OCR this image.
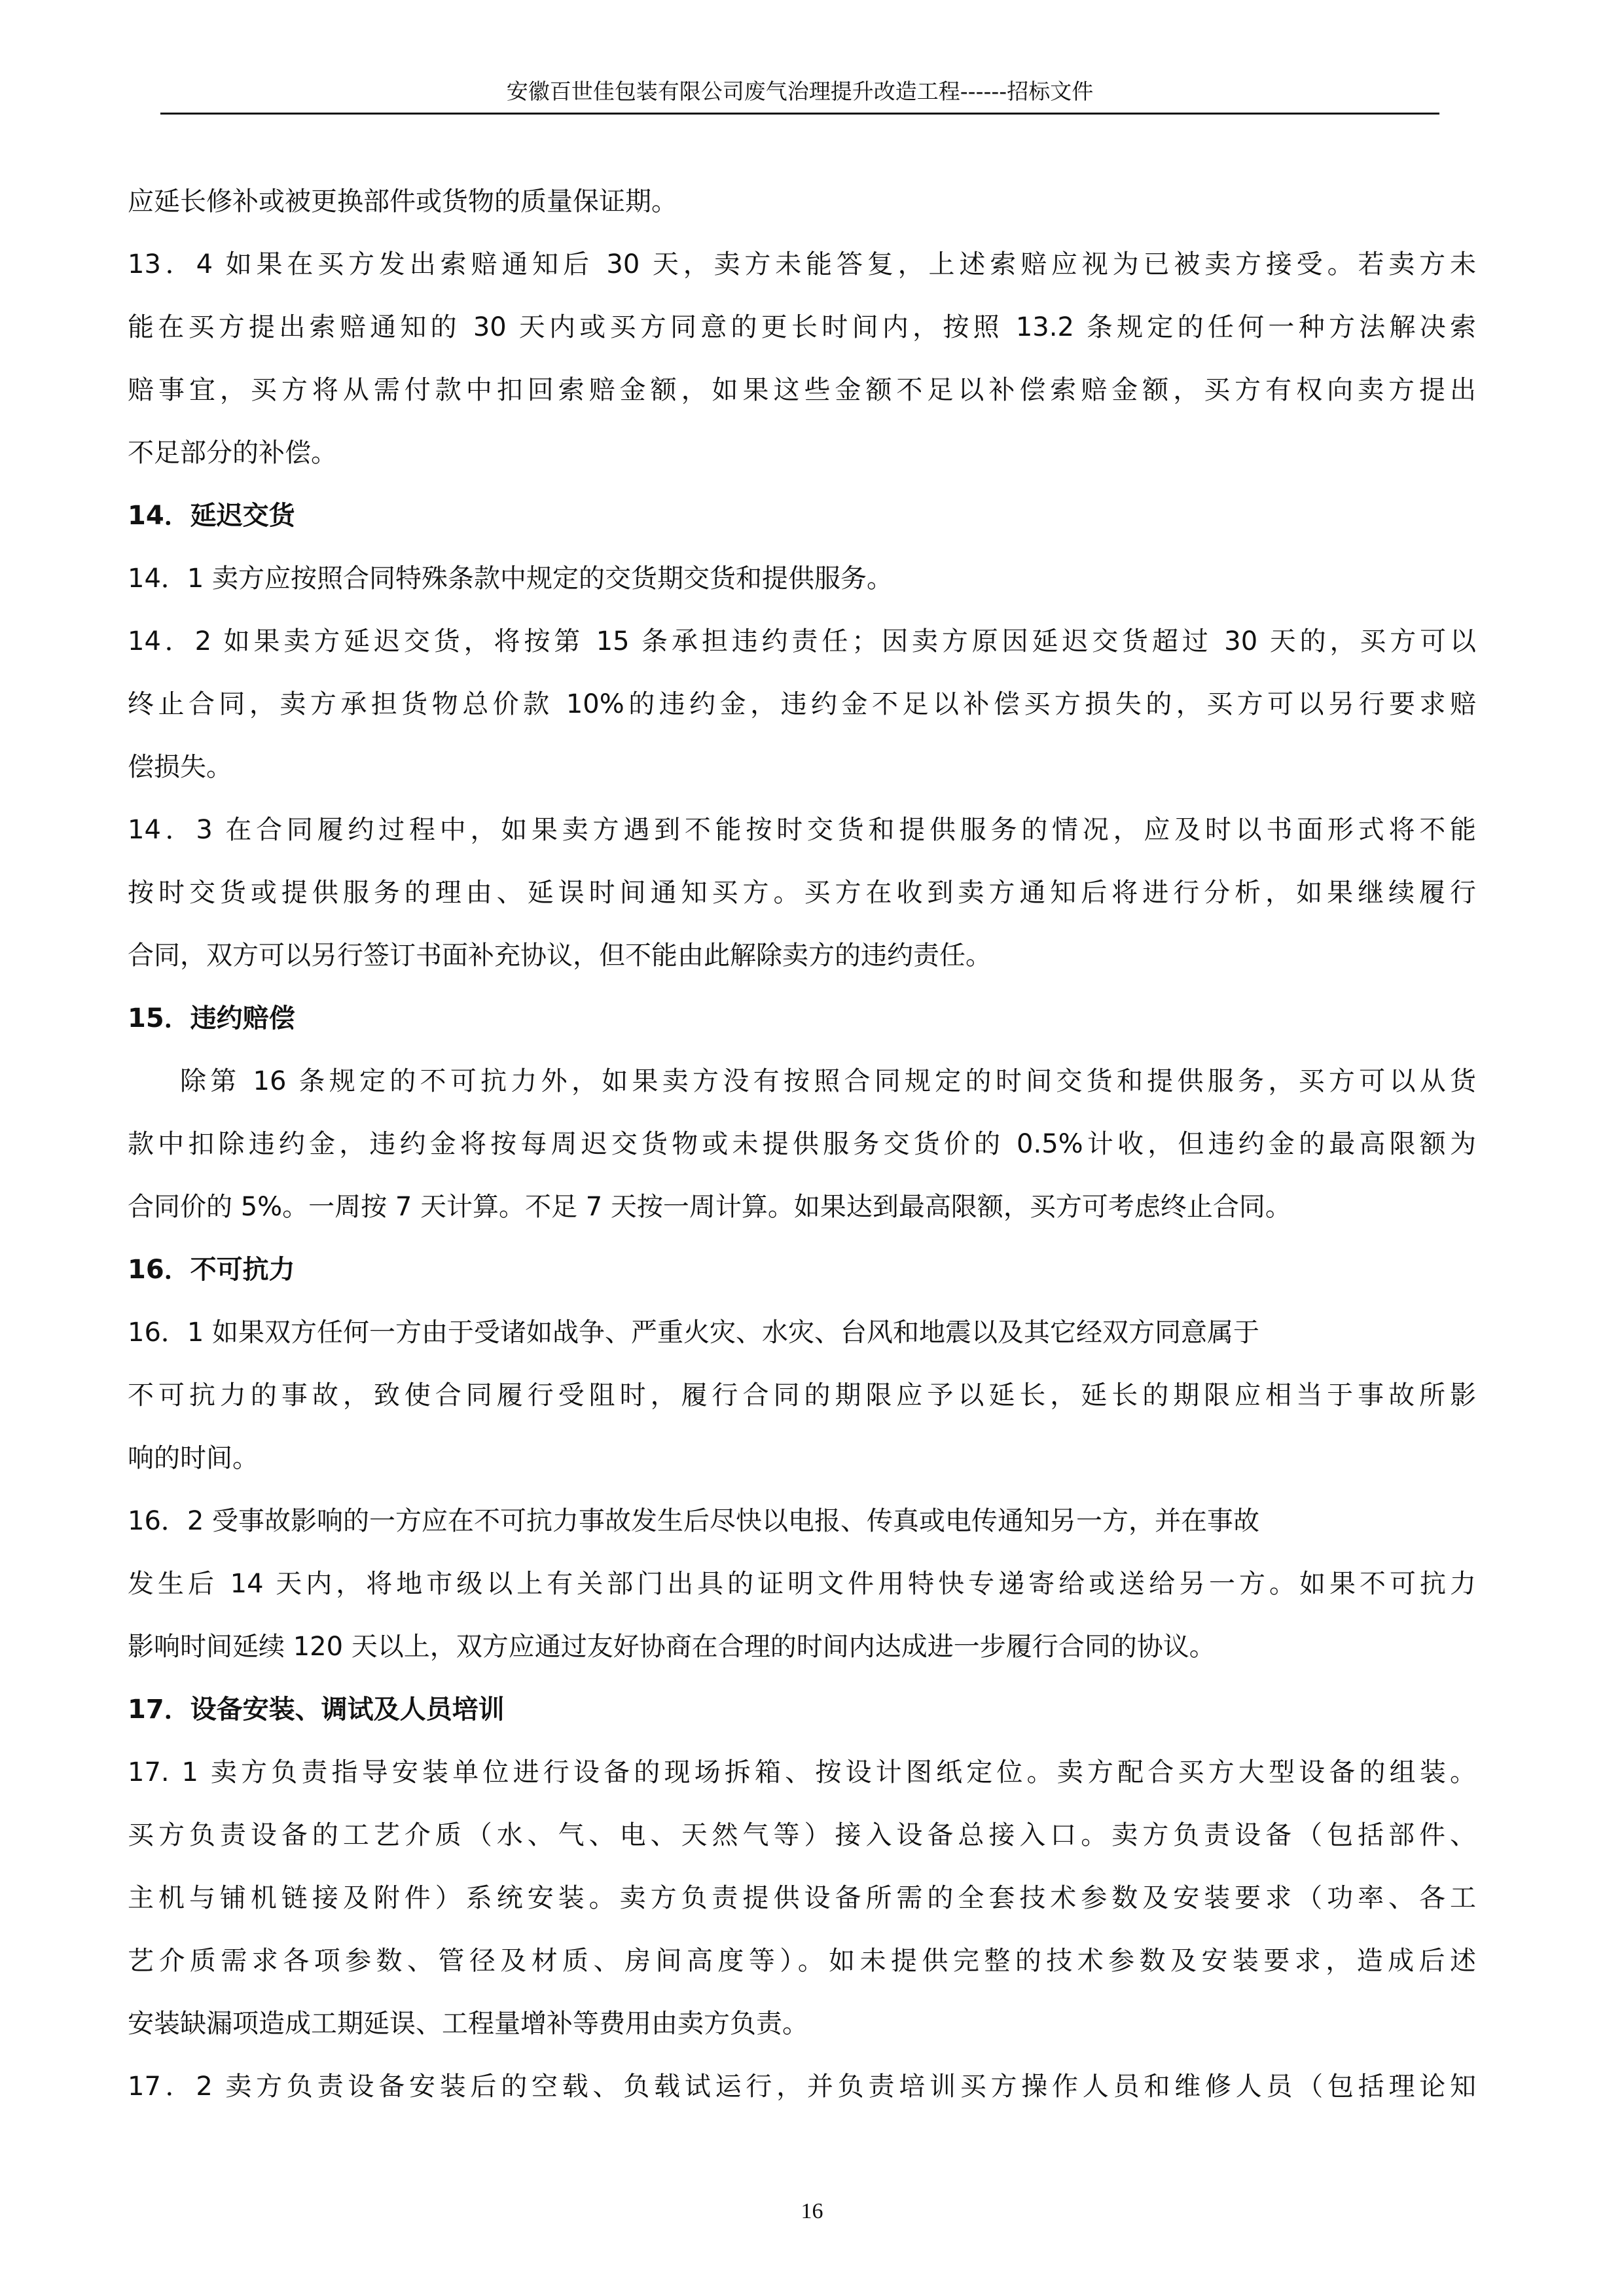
安徽百世佳包装有限公司废气治理提升改造工程------招标文件
应延长修补或被更换部件或货物的质量保证期。
13．4 如果在买方发出索赔通知后 30 天，卖方未能答复，上述索赔应视为已被卖方接受。若卖方未
能在买方提出索赔通知的 30 天内或买方同意的更长时间内，按照 13.2 条规定的任何一种方法解决索
赔事宜，买方将从需付款中扣回索赔金额，如果这些金额不足以补偿索赔金额，买方有权向卖方提出
不足部分的补偿。
14．延迟交货
14．1 卖方应按照合同特殊条款中规定的交货期交货和提供服务。
14．2 如果卖方延迟交货，将按第 15 条承担违约责任；因卖方原因延迟交货超过 30 天的，买方可以
终止合同，卖方承担货物总价款 10%的违约金，违约金不足以补偿买方损失的，买方可以另行要求赔
偿损失。
14．3 在合同履约过程中，如果卖方遇到不能按时交货和提供服务的情况，应及时以书面形式将不能
按时交货或提供服务的理由、延误时间通知买方。买方在收到卖方通知后将进行分析，如果继续履行
合同，双方可以另行签订书面补充协议，但不能由此解除卖方的违约责任。
15．违约赔偿
除第 16 条规定的不可抗力外，如果卖方没有按照合同规定的时间交货和提供服务，买方可以从货
款中扣除违约金，违约金将按每周迟交货物或未提供服务交货价的 0.5%计收，但违约金的最高限额为
合同价的 5%。一周按 7 天计算。不足 7 天按一周计算。如果达到最高限额，买方可考虑终止合同。
16．不可抗力
16．1 如果双方任何一方由于受诸如战争、严重火灾、水灾、台风和地震以及其它经双方同意属于
不可抗力的事故，致使合同履行受阻时，履行合同的期限应予以延长，延长的期限应相当于事故所影
响的时间。
16．2 受事故影响的一方应在不可抗力事故发生后尽快以电报、传真或电传通知另一方，并在事故
发生后 14 天内，将地市级以上有关部门出具的证明文件用特快专递寄给或送给另一方。如果不可抗力
影响时间延续 120 天以上，双方应通过友好协商在合理的时间内达成进一步履行合同的协议。
17．设备安装、调试及人员培训
17. 1 卖方负责指导安装单位进行设备的现场拆箱、按设计图纸定位。卖方配合买方大型设备的组装。
买方负责设备的工艺介质（水、气、电、天然气等）接入设备总接入口。卖方负责设备（包括部件、
主机与铺机链接及附件）系统安装。卖方负责提供设备所需的全套技术参数及安装要求（功率、各工
艺介质需求各项参数、管径及材质、房间高度等）。如未提供完整的技术参数及安装要求，造成后述
安装缺漏项造成工期延误、工程量增补等费用由卖方负责。
17．2 卖方负责设备安装后的空载、负载试运行，并负责培训买方操作人员和维修人员（包括理论知
16
